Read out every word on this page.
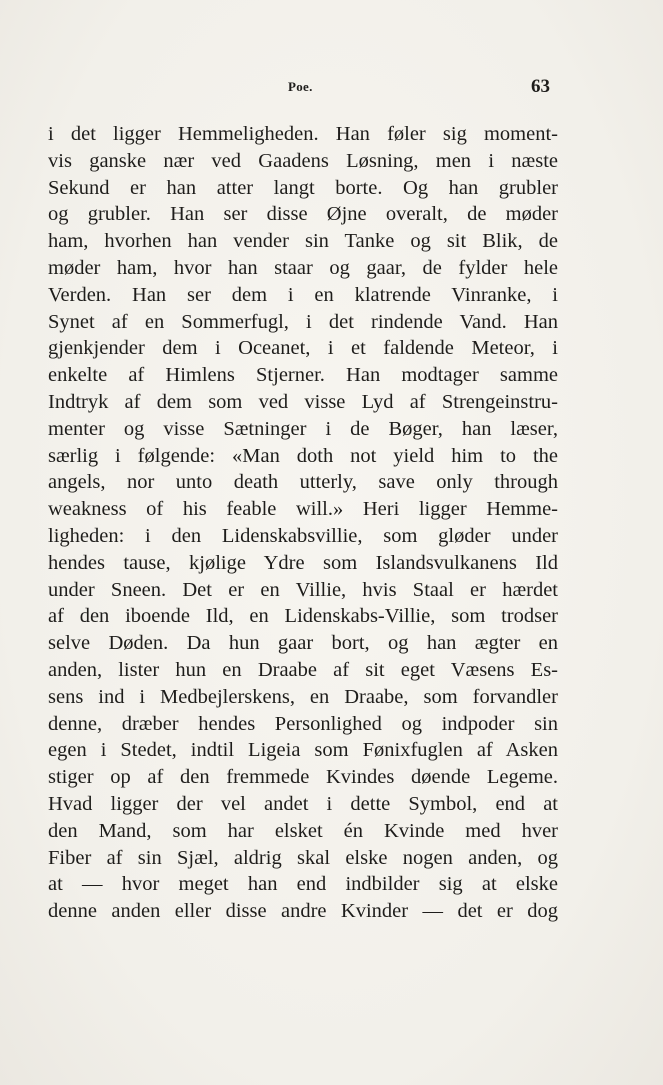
Poe.	63
i det ligger Hemmeligheden. Han føler sig moment-
vis ganske nær ved Gaadens Løsning, men i næste
Sekund er han atter langt borte. Og han grubler
og grubler. Han ser disse Øjne overalt, de møder
ham, hvorhen han vender sin Tanke og sit Blik, de
møder ham, hvor han staar og gaar, de fylder hele
Verden. Han ser dem i en klatrende Vinranke, i
Synet af en Sommerfugl, i det rindende Vand. Han
gjenkjender dem i Oceanet, i et faldende Meteor, i
enkelte af Himlens Stjerner. Han modtager samme
Indtryk af dem som ved visse Lyd af Strengeinstru-
menter og visse Sætninger i de Bøger, han læser,
særlig i følgende: «Man doth not yield him to the
angels, nor unto death utterly, save only through
weakness of his feable will.» Heri ligger Hemme-
ligheden: i den Lidenskabsvillie, som gløder under
hendes tause, kjølige Ydre som Islandsvulkanens Ild
under Sneen. Det er en Villie, hvis Staal er hærdet
af den iboende Ild, en Lidenskabs-Villie, som trodser
selve Døden. Da hun gaar bort, og han ægter en
anden, lister hun en Draabe af sit eget Væsens Es-
sens ind i Medbejlerskens, en Draabe, som forvandler
denne, dræber hendes Personlighed og indpoder sin
egen i Stedet, indtil Ligeia som Fønixfuglen af Asken
stiger op af den fremmede Kvindes døende Legeme.
Hvad ligger der vel andet i dette Symbol, end at
den Mand, som har elsket én Kvinde med hver
Fiber af sin Sjæl, aldrig skal elske nogen anden, og
at — hvor meget han end indbilder sig at elske
denne anden eller disse andre Kvinder — det er dog
